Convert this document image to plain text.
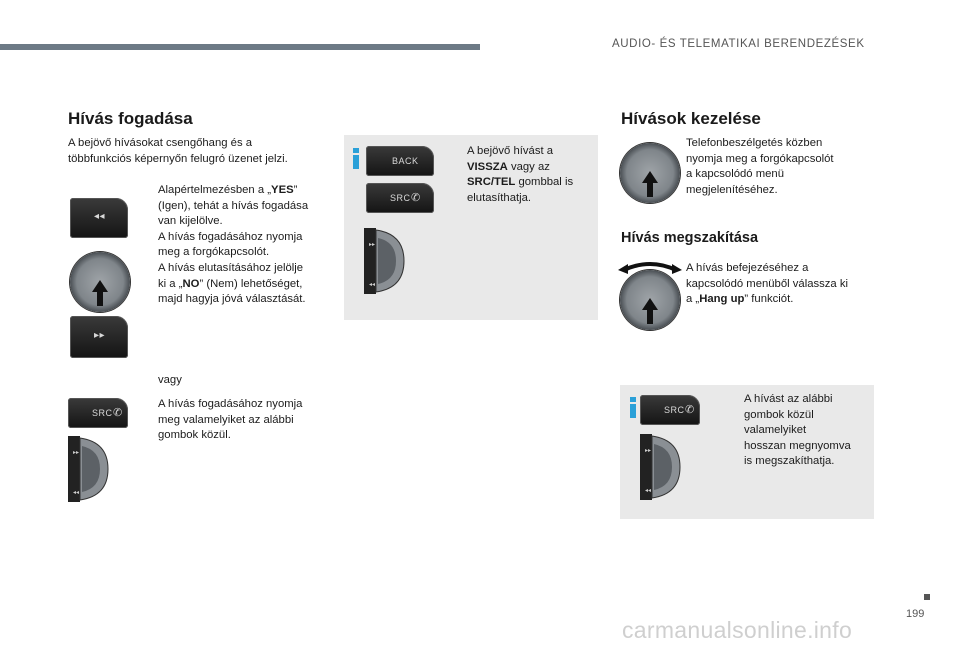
AUDIO- ÉS TELEMATIKAI BERENDEZÉSEK
Hívás fogadása
A bejövő hívásokat csengőhang és a
többfunkciós képernyőn felugró üzenet jelzi.
◂◂
▸▸
Alapértelmezésben a „YES”
(Igen), tehát a hívás fogadása
van kijelölve.
A hívás fogadásához nyomja
meg a forgókapcsolót.
A hívás elutasításához jelölje
ki a „NO” (Nem) lehetőséget,
majd hagyja jóvá választását.
vagy
SRC ✆
▸▸
◂◂
A hívás fogadásához nyomja
meg valamelyiket az alábbi
gombok közül.
BACK
SRC ✆
▸▸
◂◂
A bejövő hívást a
VISSZA vagy az
SRC/TEL gombbal is
elutasíthatja.
Hívások kezelése
Telefonbeszélgetés közben
nyomja meg a forgókapcsolót
a kapcsolódó menü
megjelenítéséhez.
Hívás megszakítása
A hívás befejezéséhez a
kapcsolódó menüből válassza ki
a „Hang up” funkciót.
SRC ✆
▸▸
◂◂
A hívást az alábbi
gombok közül
valamelyiket
hosszan megnyomva
is megszakíthatja.
199
carmanualsonline.info
